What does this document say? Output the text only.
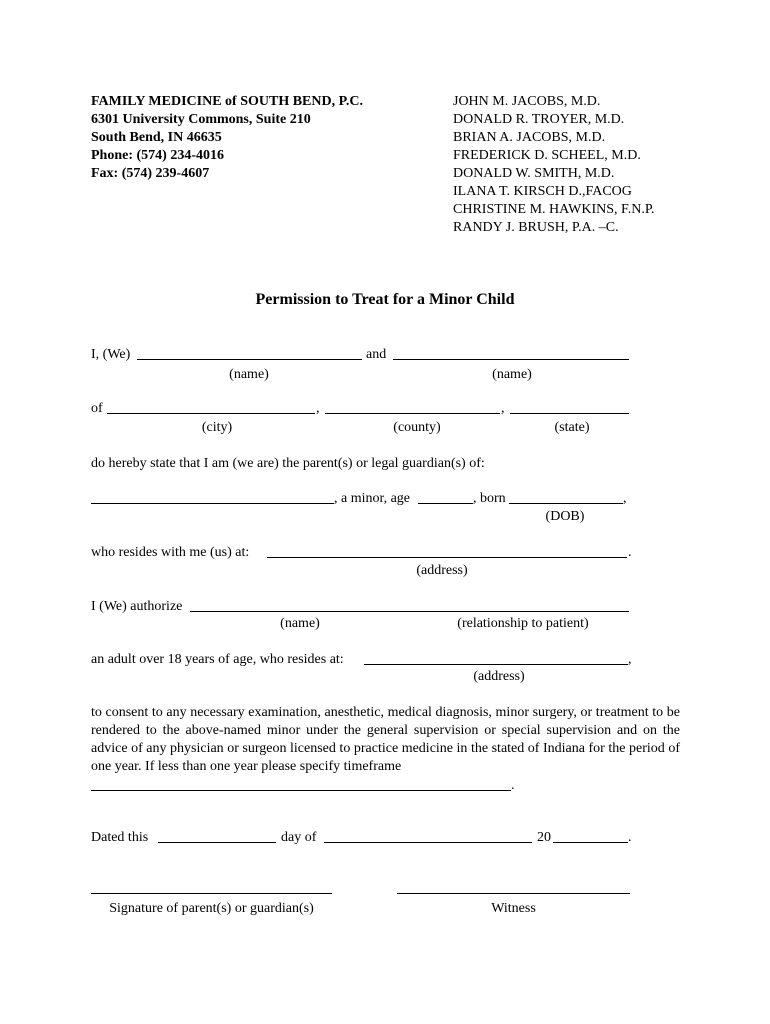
FAMILY MEDICINE of SOUTH BEND, P.C.
6301 University Commons, Suite 210
South Bend, IN 46635
Phone: (574) 234-4016
Fax: (574) 239-4607
JOHN M. JACOBS, M.D.
DONALD R. TROYER, M.D.
BRIAN A. JACOBS, M.D.
FREDERICK D. SCHEEL, M.D.
DONALD W. SMITH, M.D.
ILANA T. KIRSCH D.,FACOG
CHRISTINE M. HAWKINS, F.N.P.
RANDY J. BRUSH, P.A. –C.
Permission to Treat for a Minor Child
I, (We)	and
(name)	(name)
of	,	,
(city)	(county)	(state)
do hereby state that I am (we are) the parent(s) or legal guardian(s) of:
, a minor, age	, born	,
(DOB)
who resides with me (us) at:	.
(address)
I (We) authorize
(name)	(relationship to patient)
an adult over 18 years of age, who resides at:	,
(address)
to consent to any necessary examination, anesthetic, medical diagnosis, minor surgery, or treatment to be rendered to the above-named minor under the general supervision or special supervision and on the advice of any physician or surgeon licensed to practice medicine in the stated of Indiana for the period of one year. If less than one year please specify timeframe
.
Dated this	day of	20	.
Signature of parent(s) or guardian(s)	Witness
